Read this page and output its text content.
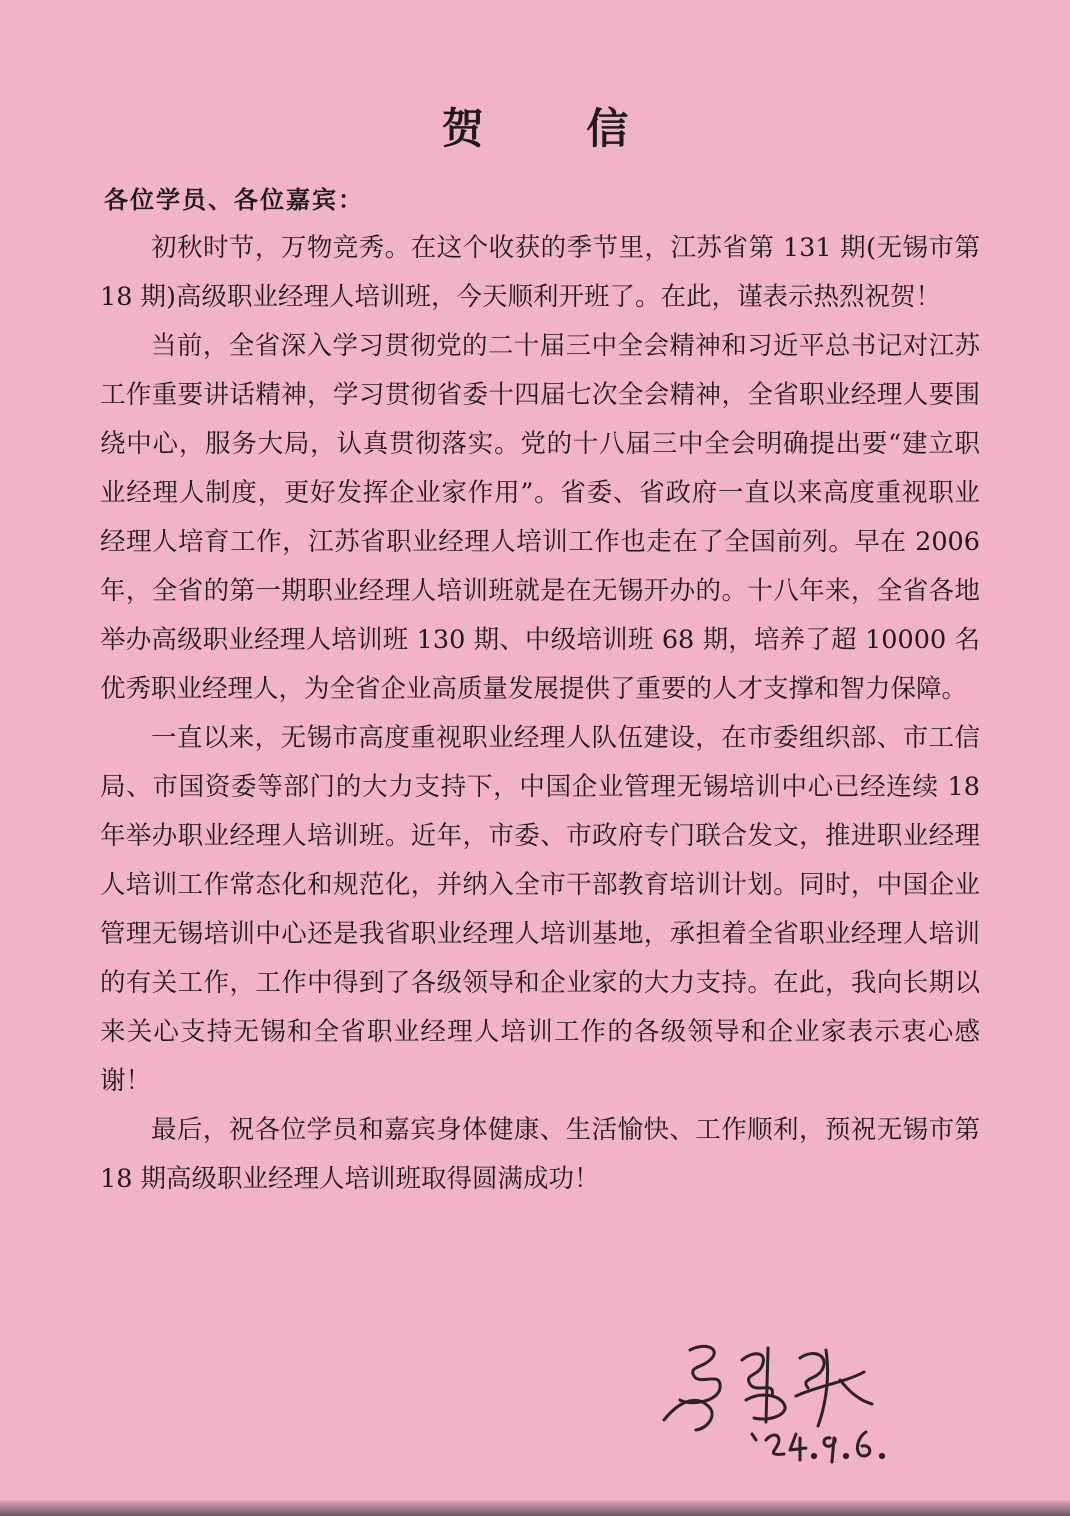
贺 信
各位学员、各位嘉宾：

初秋时节，万物竞秀。在这个收获的季节里，江苏省第 131 期(无锡市第 18 期)高级职业经理人培训班，今天顺利开班了。在此，谨表示热烈祝贺！

当前，全省深入学习贯彻党的二十届三中全会精神和习近平总书记对江苏工作重要讲话精神，学习贯彻省委十四届七次全会精神，全省职业经理人要围绕中心，服务大局，认真贯彻落实。党的十八届三中全会明确提出要“建立职业经理人制度，更好发挥企业家作用”。省委、省政府一直以来高度重视职业经理人培育工作，江苏省职业经理人培训工作也走在了全国前列。早在 2006 年，全省的第一期职业经理人培训班就是在无锡开办的。十八年来，全省各地举办高级职业经理人培训班 130 期、中级培训班 68 期，培养了超 10000 名优秀职业经理人，为全省企业高质量发展提供了重要的人才支撑和智力保障。

一直以来，无锡市高度重视职业经理人队伍建设，在市委组织部、市工信局、市国资委等部门的大力支持下，中国企业管理无锡培训中心已经连续 18 年举办职业经理人培训班。近年，市委、市政府专门联合发文，推进职业经理人培训工作常态化和规范化，并纳入全市干部教育培训计划。同时，中国企业管理无锡培训中心还是我省职业经理人培训基地，承担着全省职业经理人培训的有关工作，工作中得到了各级领导和企业家的大力支持。在此，我向长期以来关心支持无锡和全省职业经理人培训工作的各级领导和企业家表示衷心感谢！

最后，祝各位学员和嘉宾身体健康、生活愉快、工作顺利，预祝无锡市第 18 期高级职业经理人培训班取得圆满成功！
